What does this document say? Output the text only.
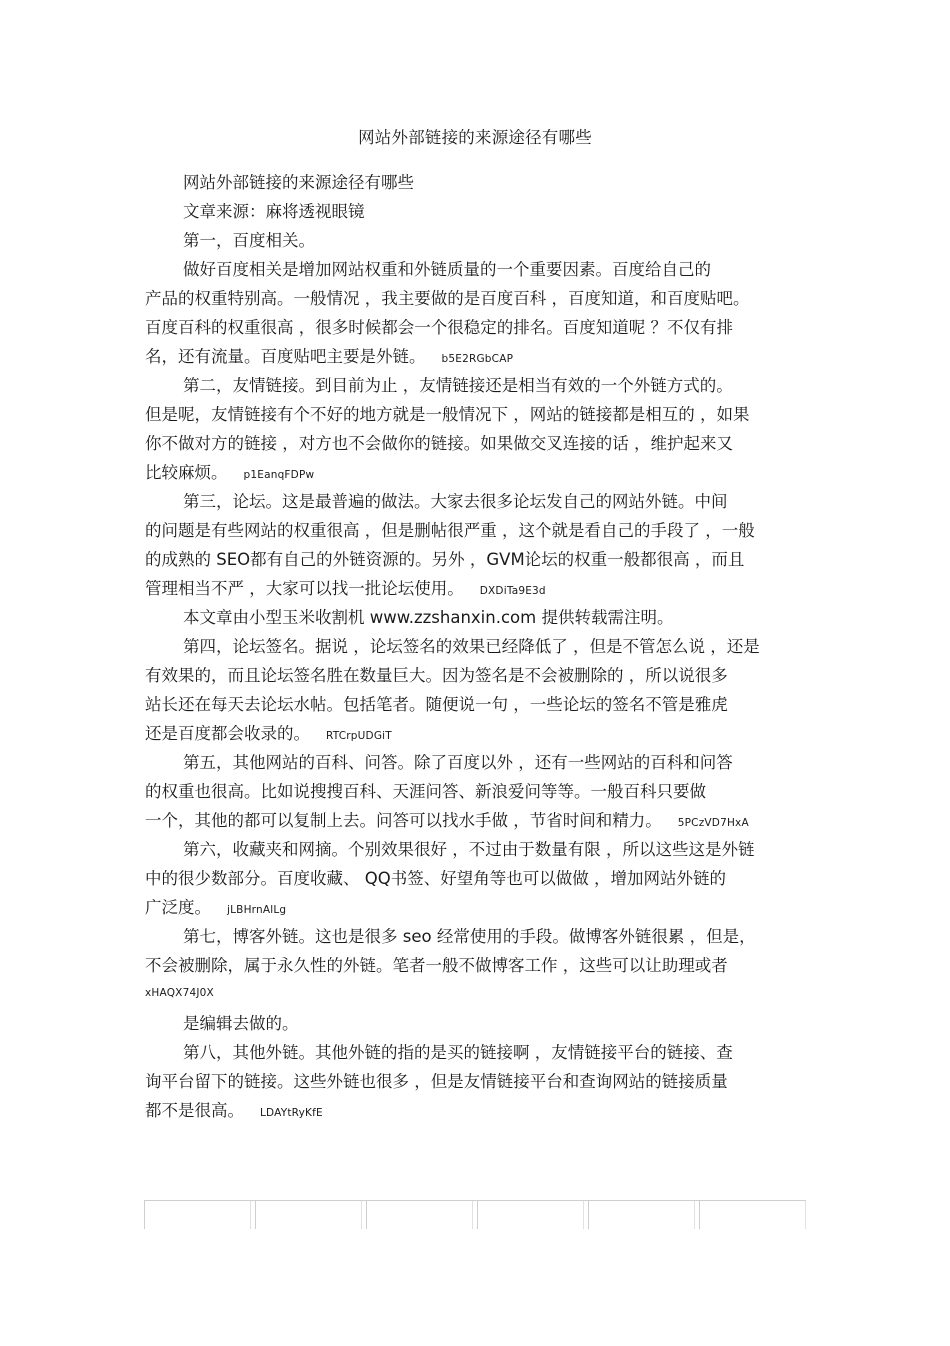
网站外部链接的来源途径有哪些
网站外部链接的来源途径有哪些
文章来源：麻将透视眼镜
第一，百度相关。
做好百度相关是增加网站权重和外链质量的一个重要因素。百度给自己的
产品的权重特别高。一般情况 ，我主要做的是百度百科 ，百度知道，和百度贴吧。
百度百科的权重很高 ，很多时候都会一个很稳定的排名。百度知道呢 ？不仅有排
名，还有流量。百度贴吧主要是外链。 b5E2RGbCAP
第二，友情链接。到目前为止 ，友情链接还是相当有效的一个外链方式的。
但是呢，友情链接有个不好的地方就是一般情况下 ，网站的链接都是相互的 ，如果
你不做对方的链接 ，对方也不会做你的链接。如果做交叉连接的话 ，维护起来又
比较麻烦。 p1EanqFDPw
第三，论坛。这是最普遍的做法。大家去很多论坛发自己的网站外链。中间
的问题是有些网站的权重很高 ，但是删帖很严重 ，这个就是看自己的手段了 ，一般
的成熟的 SEO都有自己的外链资源的。另外 ，GVM论坛的权重一般都很高 ，而且
管理相当不严 ，大家可以找一批论坛使用。 DXDiTa9E3d
本文章由小型玉米收割机 www.zzshanxin.com 提供转载需注明。
第四，论坛签名。据说 ，论坛签名的效果已经降低了 ，但是不管怎么说 ，还是
有效果的，而且论坛签名胜在数量巨大。因为签名是不会被删除的 ，所以说很多
站长还在每天去论坛水帖。包括笔者。随便说一句 ，一些论坛的签名不管是雅虎
还是百度都会收录的。 RTCrpUDGiT
第五，其他网站的百科、问答。除了百度以外 ，还有一些网站的百科和问答
的权重也很高。比如说搜搜百科、天涯问答、新浪爱问等等。一般百科只要做
一个，其他的都可以复制上去。问答可以找水手做 ，节省时间和精力。 5PCzVD7HxA
第六，收藏夹和网摘。个别效果很好 ，不过由于数量有限 ，所以这些这是外链
中的很少数部分。百度收藏、 QQ书签、好望角等也可以做做 ，增加网站外链的
广泛度。 jLBHrnAlLg
第七，博客外链。这也是很多 seo 经常使用的手段。做博客外链很累 ，但是，
不会被删除，属于永久性的外链。笔者一般不做博客工作 ，这些可以让助理或者
xHAQX74J0X
是编辑去做的。
第八，其他外链。其他外链的指的是买的链接啊 ，友情链接平台的链接、查
询平台留下的链接。这些外链也很多 ，但是友情链接平台和查询网站的链接质量
都不是很高。 LDAYtRyKfE
